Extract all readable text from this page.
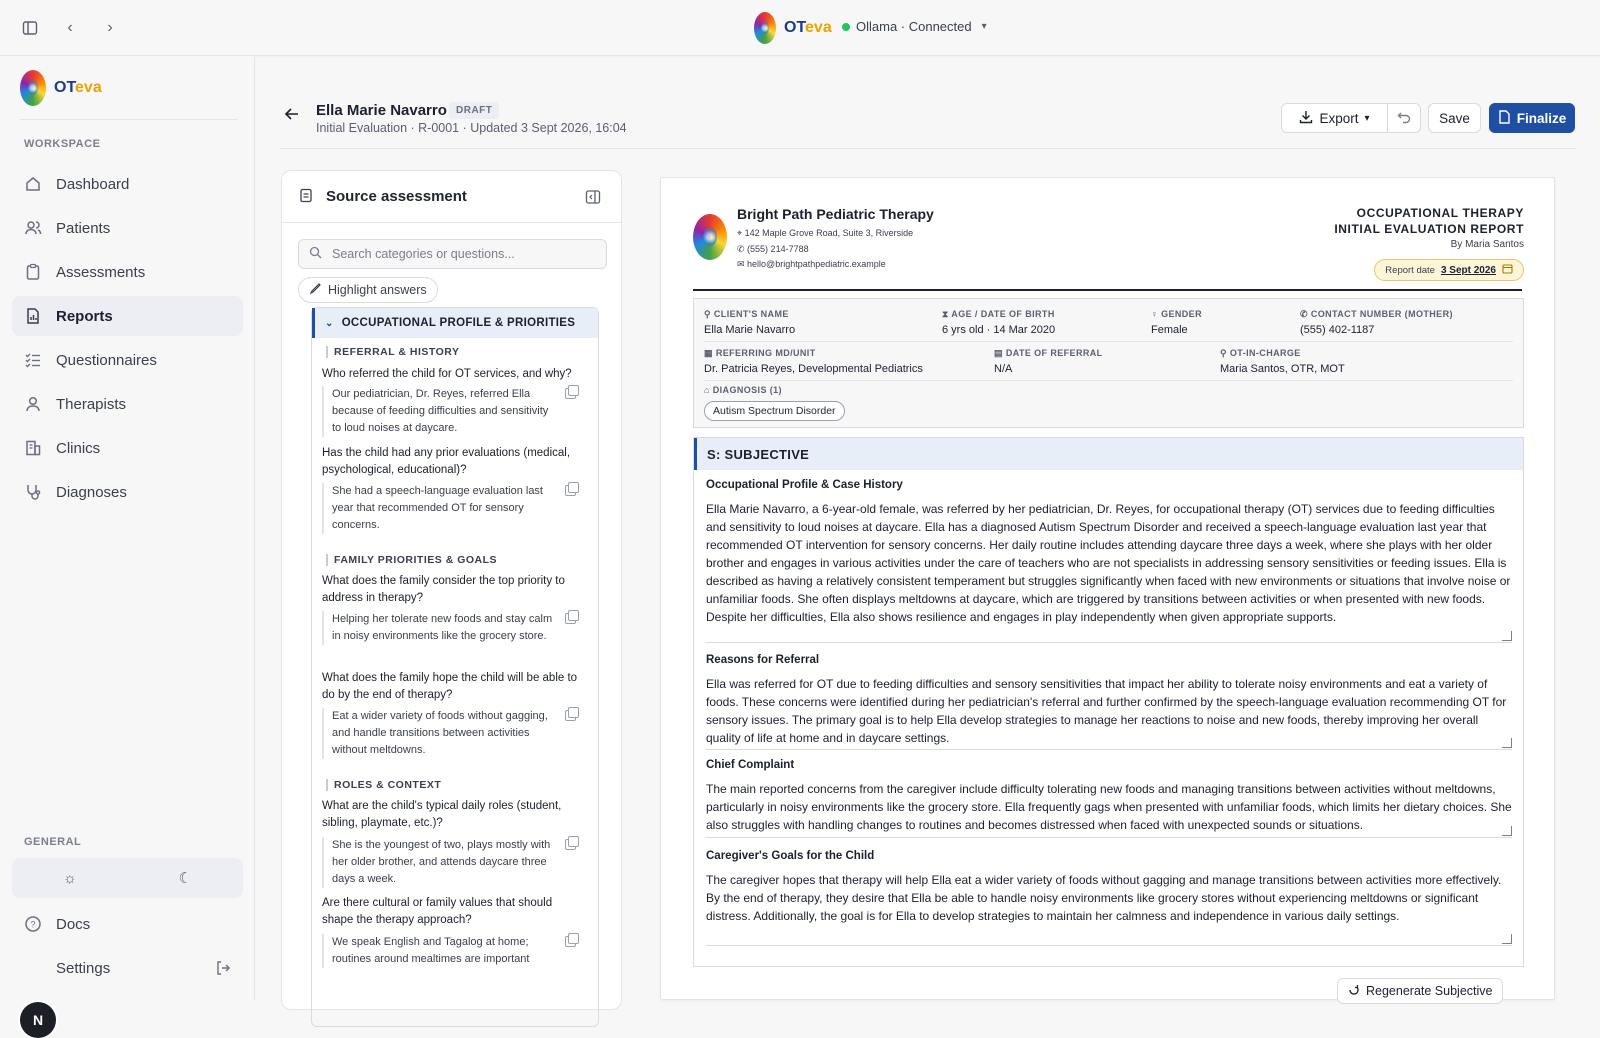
‹	›	OTeva Ollama · Connected ▾
OTeva
WORKSPACE
Dashboard
Patients
Assessments
Reports
Questionnaires
Therapists
Clinics
Diagnoses
GENERAL
☼	☾
? Docs
Settings
N
Ella Marie Navarro DRAFT
Initial Evaluation · R-0001 · Updated 3 Sept 2026, 16:04
Export ▾	Save	Finalize
Source assessment
Search categories or questions...
Highlight answers
⌄ OCCUPATIONAL PROFILE & PRIORITIES
REFERRAL & HISTORY
Who referred the child for OT services, and why?
Our pediatrician, Dr. Reyes, referred Ella because of feeding difficulties and sensitivity to loud noises at daycare.
Has the child had any prior evaluations (medical, psychological, educational)?
She had a speech-language evaluation last year that recommended OT for sensory concerns.
FAMILY PRIORITIES & GOALS
What does the family consider the top priority to address in therapy?
Helping her tolerate new foods and stay calm in noisy environments like the grocery store.
What does the family hope the child will be able to do by the end of therapy?
Eat a wider variety of foods without gagging, and handle transitions between activities without meltdowns.
ROLES & CONTEXT
What are the child's typical daily roles (student, sibling, playmate, etc.)?
She is the youngest of two, plays mostly with her older brother, and attends daycare three days a week.
Are there cultural or family values that should shape the therapy approach?
We speak English and Tagalog at home; routines around mealtimes are important
Bright Path Pediatric Therapy
⌖ 142 Maple Grove Road, Suite 3, Riverside
✆ (555) 214-7788
✉ hello@brightpathpediatric.example
OCCUPATIONAL THERAPY
INITIAL EVALUATION REPORT
By Maria Santos
Report date 3 Sept 2026
⚲ CLIENT'S NAME
Ella Marie Navarro
⧗ AGE / DATE OF BIRTH
6 yrs old · 14 Mar 2020
♀ GENDER
Female
✆ CONTACT NUMBER (MOTHER)
(555) 402-1187
▦ REFERRING MD/UNIT
Dr. Patricia Reyes, Developmental Pediatrics
▤ DATE OF REFERRAL
N/A
⚲ OT-IN-CHARGE
Maria Santos, OTR, MOT
⌂ DIAGNOSIS (1)
Autism Spectrum Disorder
S: SUBJECTIVE
Occupational Profile & Case History
Ella Marie Navarro, a 6-year-old female, was referred by her pediatrician, Dr. Reyes, for occupational therapy (OT) services due to feeding difficulties and sensitivity to loud noises at daycare. Ella has a diagnosed Autism Spectrum Disorder and received a speech-language evaluation last year that recommended OT intervention for sensory concerns. Her daily routine includes attending daycare three days a week, where she plays with her older brother and engages in various activities under the care of teachers who are not specialists in addressing sensory sensitivities or feeding issues. Ella is described as having a relatively consistent temperament but struggles significantly when faced with new environments or situations that involve noise or unfamiliar foods. She often displays meltdowns at daycare, which are triggered by transitions between activities or when presented with new foods. Despite her difficulties, Ella also shows resilience and engages in play independently when given appropriate supports.
Reasons for Referral
Ella was referred for OT due to feeding difficulties and sensory sensitivities that impact her ability to tolerate noisy environments and eat a variety of foods. These concerns were identified during her pediatrician's referral and further confirmed by the speech-language evaluation recommending OT for sensory issues. The primary goal is to help Ella develop strategies to manage her reactions to noise and new foods, thereby improving her overall quality of life at home and in daycare settings.
Chief Complaint
The main reported concerns from the caregiver include difficulty tolerating new foods and managing transitions between activities without meltdowns, particularly in noisy environments like the grocery store. Ella frequently gags when presented with unfamiliar foods, which limits her dietary choices. She also struggles with handling changes to routines and becomes distressed when faced with unexpected sounds or situations.
Caregiver's Goals for the Child
The caregiver hopes that therapy will help Ella eat a wider variety of foods without gagging and manage transitions between activities more effectively. By the end of therapy, they desire that Ella be able to handle noisy environments like grocery stores without experiencing meltdowns or significant distress. Additionally, the goal is for Ella to develop strategies to maintain her calmness and independence in various daily settings.
Regenerate Subjective
